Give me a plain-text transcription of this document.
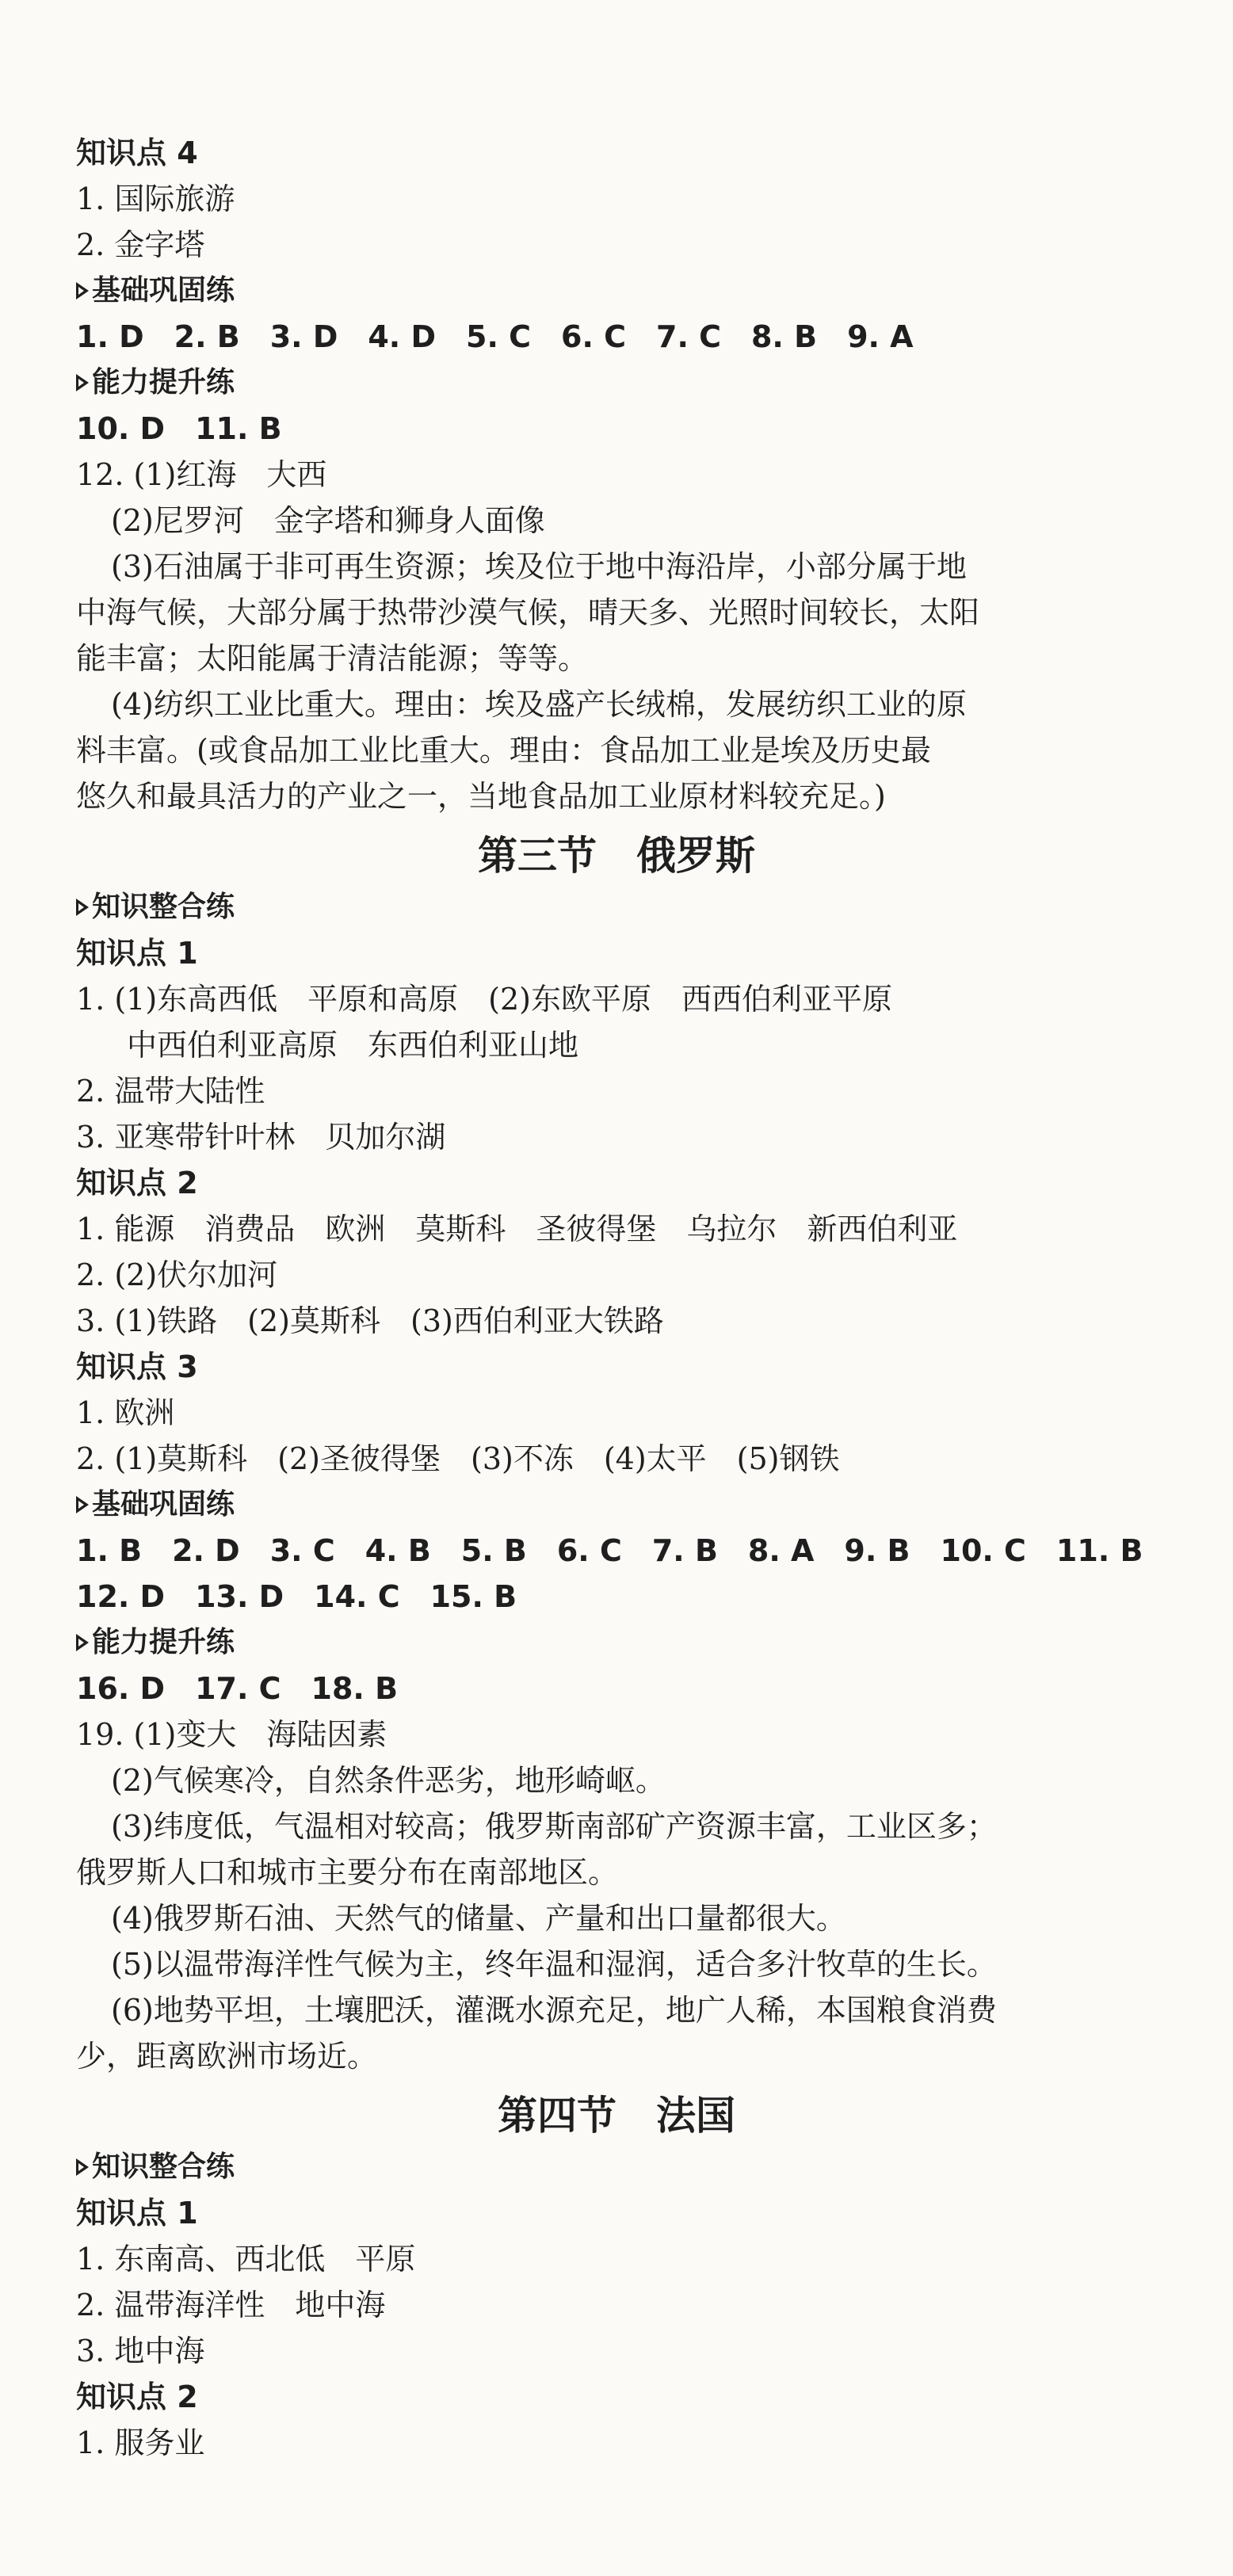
知识点 4
1. 国际旅游
2. 金字塔
基础巩固练
1. D　2. B　3. D　4. D　5. C　6. C　7. C　8. B　9. A
能力提升练
10. D　11. B
12. (1)红海　大西
(2)尼罗河　金字塔和狮身人面像
(3)石油属于非可再生资源；埃及位于地中海沿岸，小部分属于地
中海气候，大部分属于热带沙漠气候，晴天多、光照时间较长，太阳
能丰富；太阳能属于清洁能源；等等。
(4)纺织工业比重大。理由：埃及盛产长绒棉，发展纺织工业的原
料丰富。(或食品加工业比重大。理由：食品加工业是埃及历史最
悠久和最具活力的产业之一，当地食品加工业原材料较充足。)
第三节　俄罗斯
知识整合练
知识点 1
1. (1)东高西低　平原和高原　(2)东欧平原　西西伯利亚平原
中西伯利亚高原　东西伯利亚山地
2. 温带大陆性
3. 亚寒带针叶林　贝加尔湖
知识点 2
1. 能源　消费品　欧洲　莫斯科　圣彼得堡　乌拉尔　新西伯利亚
2. (2)伏尔加河
3. (1)铁路　(2)莫斯科　(3)西伯利亚大铁路
知识点 3
1. 欧洲
2. (1)莫斯科　(2)圣彼得堡　(3)不冻　(4)太平　(5)钢铁
基础巩固练
1. B　2. D　3. C　4. B　5. B　6. C　7. B　8. A　9. B　10. C　11. B
12. D　13. D　14. C　15. B
能力提升练
16. D　17. C　18. B
19. (1)变大　海陆因素
(2)气候寒冷，自然条件恶劣，地形崎岖。
(3)纬度低，气温相对较高；俄罗斯南部矿产资源丰富，工业区多；
俄罗斯人口和城市主要分布在南部地区。
(4)俄罗斯石油、天然气的储量、产量和出口量都很大。
(5)以温带海洋性气候为主，终年温和湿润，适合多汁牧草的生长。
(6)地势平坦，土壤肥沃，灌溉水源充足，地广人稀，本国粮食消费
少，距离欧洲市场近。
第四节　法国
知识整合练
知识点 1
1. 东南高、西北低　平原
2. 温带海洋性　地中海
3. 地中海
知识点 2
1. 服务业
